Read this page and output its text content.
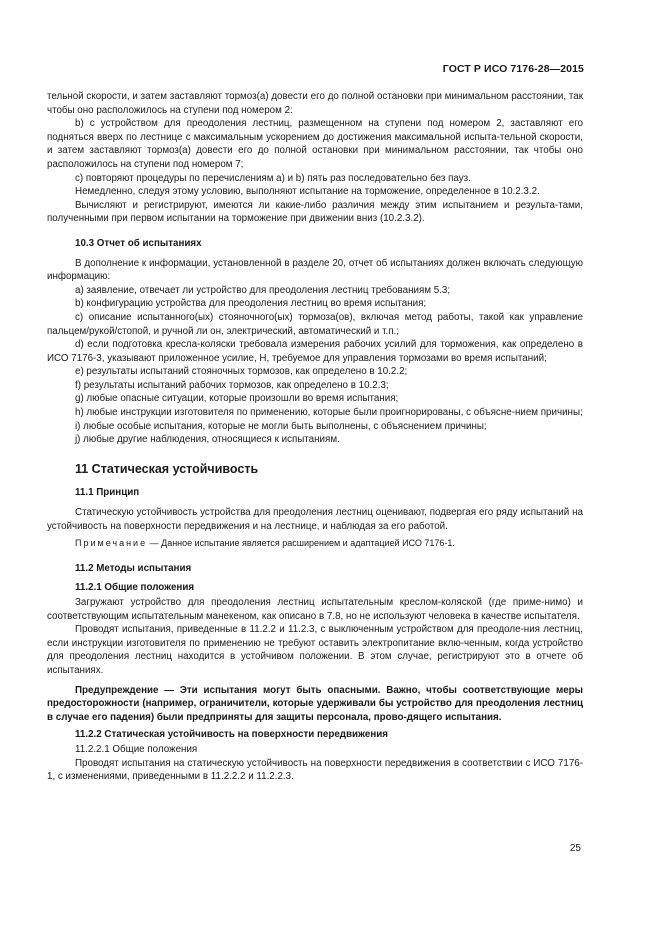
ГОСТ Р ИСО 7176-28—2015

тельной скорости, и затем заставляют тормоз(а) довести его до полной остановки при минимальном расстоянии, так чтобы оно расположилось на ступени под номером 2:

b) с устройством для преодоления лестниц, размещенном на ступени под номером 2, заставляют его подняться вверх по лестнице с максимальным ускорением до достижения максимальной испыта-тельной скорости, и затем заставляют тормоз(а) довести его до полной остановки при минимальном расстоянии, так чтобы оно расположилось на ступени под номером 7;

c) повторяют процедуры по перечислениям a) и b) пять раз последовательно без пауз.

Немедленно, следуя этому условию, выполняют испытание на торможение, определенное в 10.2.3.2.

Вычисляют и регистрируют, имеются ли какие-либо различия между этим испытанием и результа-тами, полученными при первом испытании на торможение при движении вниз (10.2.3.2).

10.3 Отчет об испытаниях

В дополнение к информации, установленной в разделе 20, отчет об испытаниях должен включать следующую информацию:

a) заявление, отвечает ли устройство для преодоления лестниц требованиям 5.3;

b) конфигурацию устройства для преодоления лестниц во время испытания;

c) описание испытанного(ых) стояночного(ых) тормоза(ов), включая метод работы, такой как управление пальцем/рукой/стопой, и ручной ли он, электрический, автоматический и т.п.;

d) если подготовка кресла-коляски требовала измерения рабочих усилий для торможения, как определено в ИСО 7176-3, указывают приложенное усилие, Н, требуемое для управления тормозами во время испытаний;

e) результаты испытаний стояночных тормозов, как определено в 10.2.2;

f) результаты испытаний рабочих тормозов, как определено в 10.2.3;

g) любые опасные ситуации, которые произошли во время испытания;

h) любые инструкции изготовителя по применению, которые были проигнорированы, с объясне-нием причины;

i) любые особые испытания, которые не могли быть выполнены, с объяснением причины;

j) любые другие наблюдения, относящиеся к испытаниям.

11 Статическая устойчивость
11.1 Принцип

Статическую устойчивость устройства для преодоления лестниц оценивают, подвергая его ряду испытаний на устойчивость на поверхности передвижения и на лестнице, и наблюдая за его работой.

Примечание — Данное испытание является расширением и адаптацией ИСО 7176-1.

11.2 Методы испытания
11.2.1 Общие положения

Загружают устройство для преодоления лестниц испытательным креслом-коляской (где приме-нимо) и соответствующим испытательным манекеном, как описано в 7.8, но не используют человека в качестве испытателя.

Проводят испытания, приведенные в 11.2.2 и 11.2.3, с выключенным устройством для преодоле-ния лестниц, если инструкции изготовителя по применению не требуют оставить электропитание вклю-ченным, когда устройство для преодоления лестниц находится в устойчивом положении. В этом случае, регистрируют это в отчете об испытаниях.

Предупреждение — Эти испытания могут быть опасными. Важно, чтобы соответствующие меры предосторожности (например, ограничители, которые удерживали бы устройство для преодоления лестниц в случае его падения) были предприняты для защиты персонала, прово-дящего испытания.

11.2.2 Статическая устойчивость на поверхности передвижения

11.2.2.1 Общие положения

Проводят испытания на статическую устойчивость на поверхности передвижения в соответствии с ИСО 7176-1, с изменениями, приведенными в 11.2.2.2 и 11.2.2.3.

25
